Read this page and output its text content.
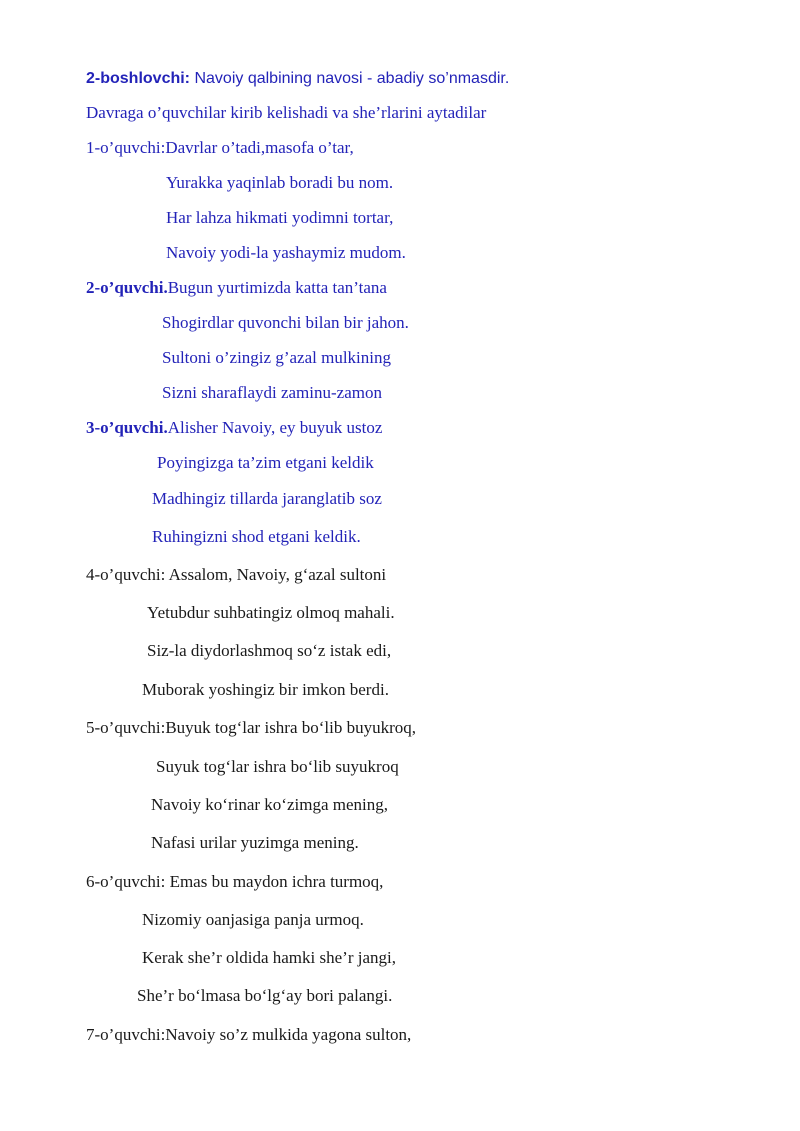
2-boshlovchi: Navoiy qalbining navosi - abadiy so’nmasdir.
Davraga o’quvchilar kirib kelishadi va she’rlarini aytadilar
1-o’quvchi:Davrlar o’tadi,masofa o’tar,
Yurakka yaqinlab boradi bu nom.
Har lahza hikmati yodimni tortar,
Navoiy yodi-la yashaymiz mudom.
2-o’quvchi.Bugun yurtimizda katta tan’tana
Shogirdlar quvonchi bilan bir jahon.
Sultoni o’zingiz g’azal mulkining
Sizni sharaflaydi zaminu-zamon
3-o’quvchi.Alisher Navoiy, ey buyuk ustoz
Poyingizga ta’zim etgani keldik
Madhingiz tillarda jaranglatib soz
Ruhingizni shod etgani keldik.
4-o’quvchi: Assalom, Navoiy, g‘azal sultoni
Yetubdur suhbatingiz olmoq mahali.
Siz-la diydorlashmoq so‘z istak edi,
Muborak yoshingiz bir imkon berdi.
5-o’quvchi:Buyuk tog‘lar ishra bo‘lib buyukroq,
Suyuk tog‘lar ishra bo‘lib suyukroq
Navoiy ko‘rinar ko‘zimga mening,
Nafasi urilar yuzimga mening.
6-o’quvchi: Emas bu maydon ichra turmoq,
Nizomiy oanjasiga panja urmoq.
Kerak she’r oldida hamki she’r jangi,
She’r bo‘lmasa bo‘lg‘ay bori palangi.
7-o’quvchi:Navoiy so’z mulkida yagona sulton,
